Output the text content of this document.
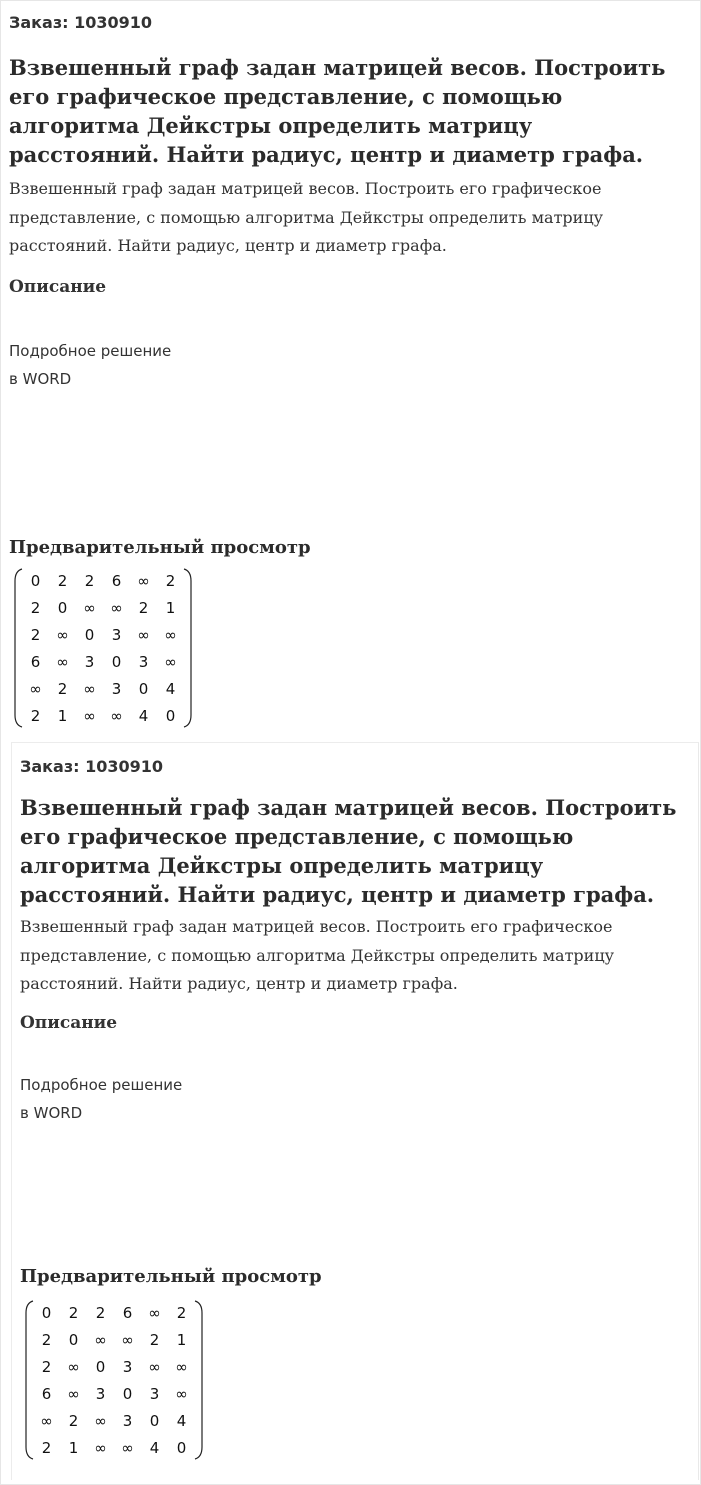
Заказ: 1030910
Взвешенный граф задан матрицей весов. Построить его графическое представление, с помощью алгоритма Дейкстры определить матрицу расстояний. Найти радиус, центр и диаметр графа.
Взвешенный граф задан матрицей весов. Построить его графическое представление, с помощью алгоритма Дейкстры определить матрицу расстояний. Найти радиус, центр и диаметр графа.
Описание
Подробное решение
в WORD
Предварительный просмотр
0	2	2	6	∞	2
2	0	∞	∞	2	1
2	∞	0	3	∞	∞
6	∞	3	0	3	∞
∞	2	∞	3	0	4
2	1	∞	∞	4	0
Заказ: 1030910
Взвешенный граф задан матрицей весов. Построить его графическое представление, с помощью алгоритма Дейкстры определить матрицу расстояний. Найти радиус, центр и диаметр графа.
Взвешенный граф задан матрицей весов. Построить его графическое представление, с помощью алгоритма Дейкстры определить матрицу расстояний. Найти радиус, центр и диаметр графа.
Описание
Подробное решение
в WORD
Предварительный просмотр
0	2	2	6	∞	2
2	0	∞	∞	2	1
2	∞	0	3	∞	∞
6	∞	3	0	3	∞
∞	2	∞	3	0	4
2	1	∞	∞	4	0
